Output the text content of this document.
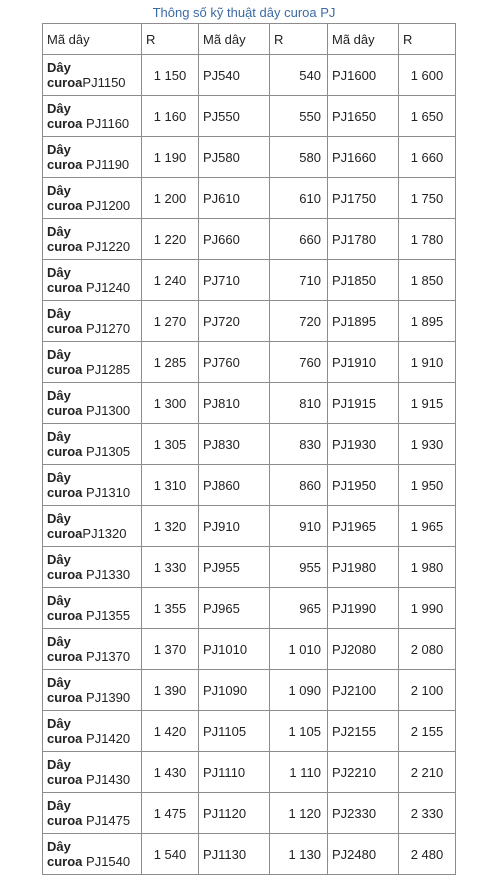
Thông số kỹ thuật dây curoa PJ
Mã dây	R	Mã dây	R	Mã dây	R
Dây
curoaPJ1150	1 150	PJ540	540	PJ1600	1 600
Dây
curoa PJ1160	1 160	PJ550	550	PJ1650	1 650
Dây
curoa PJ1190	1 190	PJ580	580	PJ1660	1 660
Dây
curoa PJ1200	1 200	PJ610	610	PJ1750	1 750
Dây
curoa PJ1220	1 220	PJ660	660	PJ1780	1 780
Dây
curoa PJ1240	1 240	PJ710	710	PJ1850	1 850
Dây
curoa PJ1270	1 270	PJ720	720	PJ1895	1 895
Dây
curoa PJ1285	1 285	PJ760	760	PJ1910	1 910
Dây
curoa PJ1300	1 300	PJ810	810	PJ1915	1 915
Dây
curoa PJ1305	1 305	PJ830	830	PJ1930	1 930
Dây
curoa PJ1310	1 310	PJ860	860	PJ1950	1 950
Dây
curoaPJ1320	1 320	PJ910	910	PJ1965	1 965
Dây
curoa PJ1330	1 330	PJ955	955	PJ1980	1 980
Dây
curoa PJ1355	1 355	PJ965	965	PJ1990	1 990
Dây
curoa PJ1370	1 370	PJ1010	1 010	PJ2080	2 080
Dây
curoa PJ1390	1 390	PJ1090	1 090	PJ2100	2 100
Dây
curoa PJ1420	1 420	PJ1105	1 105	PJ2155	2 155
Dây
curoa PJ1430	1 430	PJ1110	1 110	PJ2210	2 210
Dây
curoa PJ1475	1 475	PJ1120	1 120	PJ2330	2 330
Dây
curoa PJ1540	1 540	PJ1130	1 130	PJ2480	2 480
